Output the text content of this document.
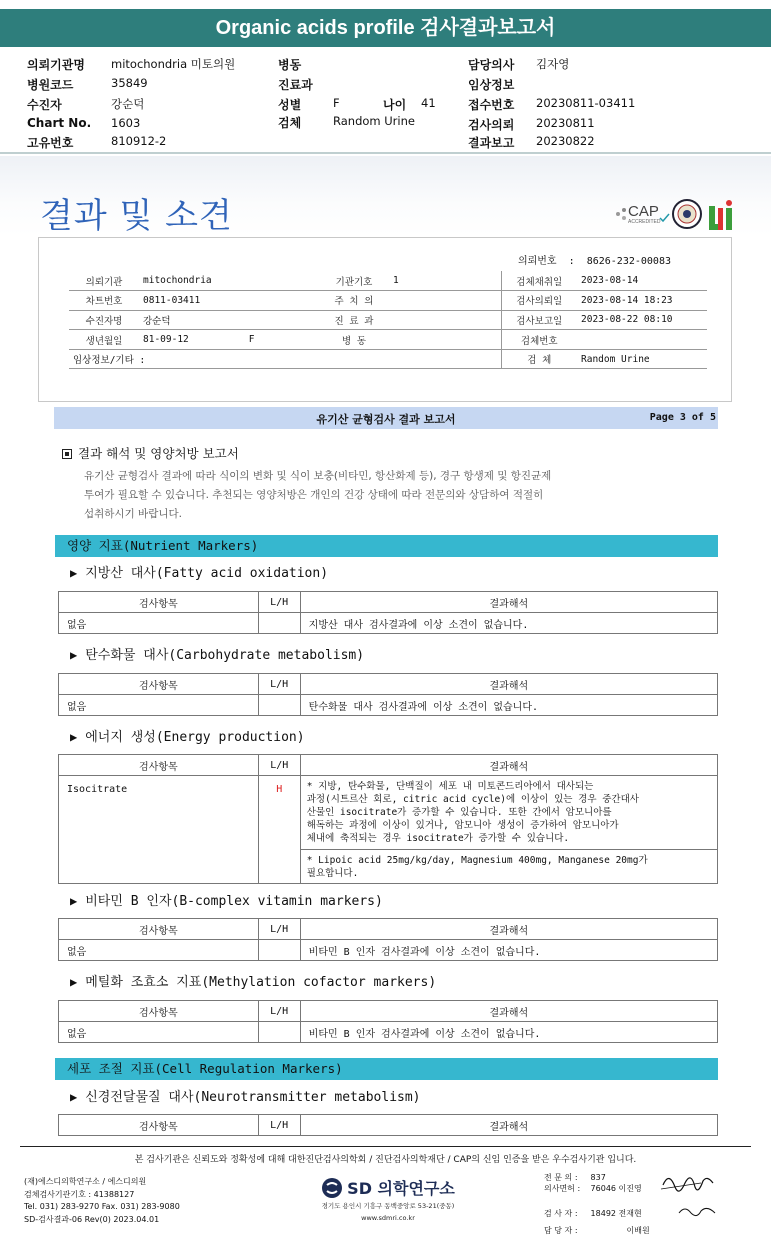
Organic acids profile 검사결과보고서
의뢰기관명 mitochondria 미토의원
병원코드	35849
수진자	강순덕
Chart No. 1603
고유번호	810912-2
병동
진료과
성별	F	나이 41
검체	Random Urine
담당의사 김자영
임상정보
접수번호 20230811-03411
검사의뢰 20230811
결과보고 20230822
결과 및 소견	CAP
ACCREDITED
의뢰번호  :  8626-232-00083
의뢰기관	mitochondria	기관기호	1	검체채취일	2023-08-14
차트번호	0811-03411	주 치 의		검사의뢰일	2023-08-14 18:23
수진자명	강순덕	진 료 과		검사보고일	2023-08-22 08:10
생년월일	81-09-12 F	병 동		검체번호	
임상정보/기타 :				검 체	Random Urine
유기산 균형검사 결과 보고서	Page 3 of 5
결과 해석 및 영양처방 보고서
유기산 균형검사 결과에 따라 식이의 변화 및 식이 보충(비타민, 항산화제 등), 경구 항생제 및 항진균제
투여가 필요할 수 있습니다. 추천되는 영양처방은 개인의 건강 상태에 따라 전문의와 상담하여 적절히
섭취하시기 바랍니다.
영양 지표(Nutrient Markers)
▶ 지방산 대사(Fatty acid oxidation)
검사항목	L/H	결과해석
없음		지방산 대사 검사결과에 이상 소견이 없습니다.
▶ 탄수화물 대사(Carbohydrate metabolism)
검사항목	L/H	결과해석
없음		탄수화물 대사 검사결과에 이상 소견이 없습니다.
▶ 에너지 생성(Energy production)
검사항목	L/H	결과해석
Isocitrate	H	* 지방, 탄수화물, 단백질이 세포 내 미토콘드리아에서 대사되는
과정(시트르산 회로, citric acid cycle)에 이상이 있는 경우 중간대사
산물인 isocitrate가 증가할 수 있습니다. 또한 간에서 암모니아를
해독하는 과정에 이상이 있거나, 암모니아 생성이 증가하여 암모니아가
체내에 축적되는 경우 isocitrate가 증가할 수 있습니다.

		* Lipoic acid 25mg/kg/day, Magnesium 400mg, Manganese 20mg가
필요합니다.
▶ 비타민 B 인자(B-complex vitamin markers)
검사항목	L/H	결과해석
없음		비타민 B 인자 검사결과에 이상 소견이 없습니다.
▶ 메틸화 조효소 지표(Methylation cofactor markers)
검사항목	L/H	결과해석
없음		비타민 B 인자 검사결과에 이상 소견이 없습니다.
세포 조절 지표(Cell Regulation Markers)
▶ 신경전달물질 대사(Neurotransmitter metabolism)
검사항목	L/H	결과해석
본 검사기관은 신뢰도와 정확성에 대해 대한진단검사의학회 / 진단검사의학재단 / CAP의 신임 인증을 받은 우수검사기관 입니다.
(재)에스디의학연구소 / 에스디의원
검체검사기관기호 : 41388127
Tel. 031) 283-9270 Fax. 031) 283-9080
SD-검사결과-06 Rev(0) 2023.04.01
SD 의학연구소
경기도 용인시 기흥구 동백중앙로 53-21(중동)
www.sdmri.co.kr
전 문 의 : 837
의사면허 : 76046 이진영
검 사 자 : 18492 전재현
담 당 자 :	이배원
